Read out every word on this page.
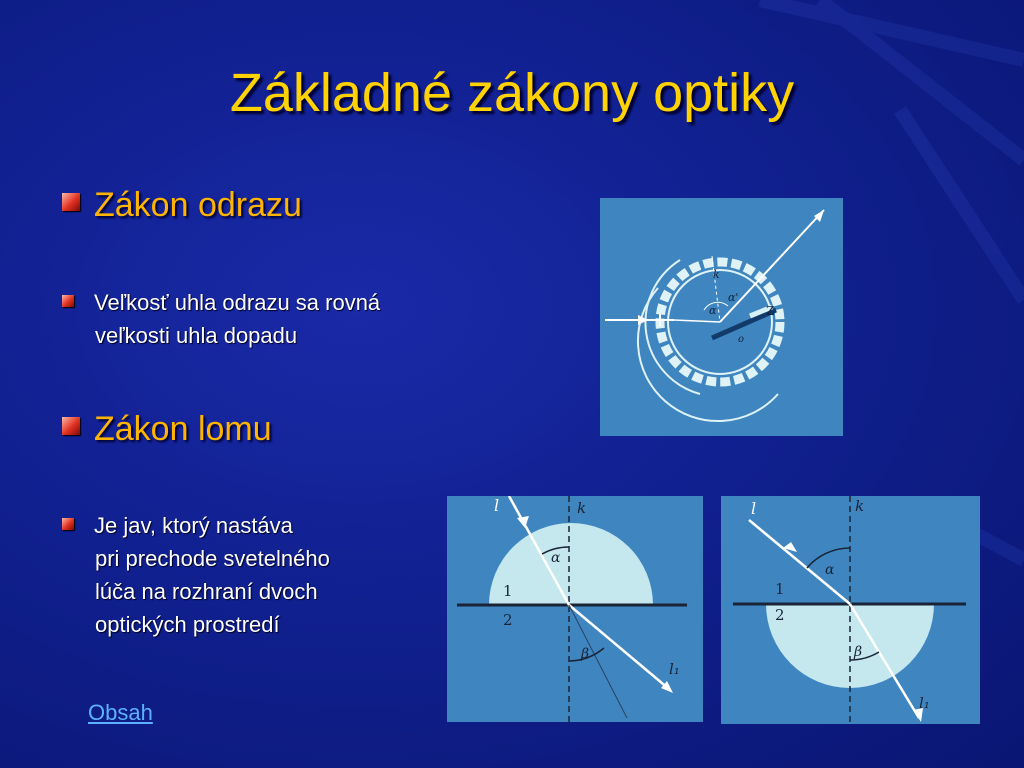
Základné zákony optiky
Zákon odrazu
Veľkosť uhla odrazu sa rovná
veľkosti uhla dopadu
Zákon lomu
Je jav, ktorý nastáva
pri prechode svetelného
lúča na rozhraní dvoch
optických prostredí
Obsah
k
α
α'
Z
o
l	k
1
2
α
β
l₁
l	k
1
2
α
β
l₁
